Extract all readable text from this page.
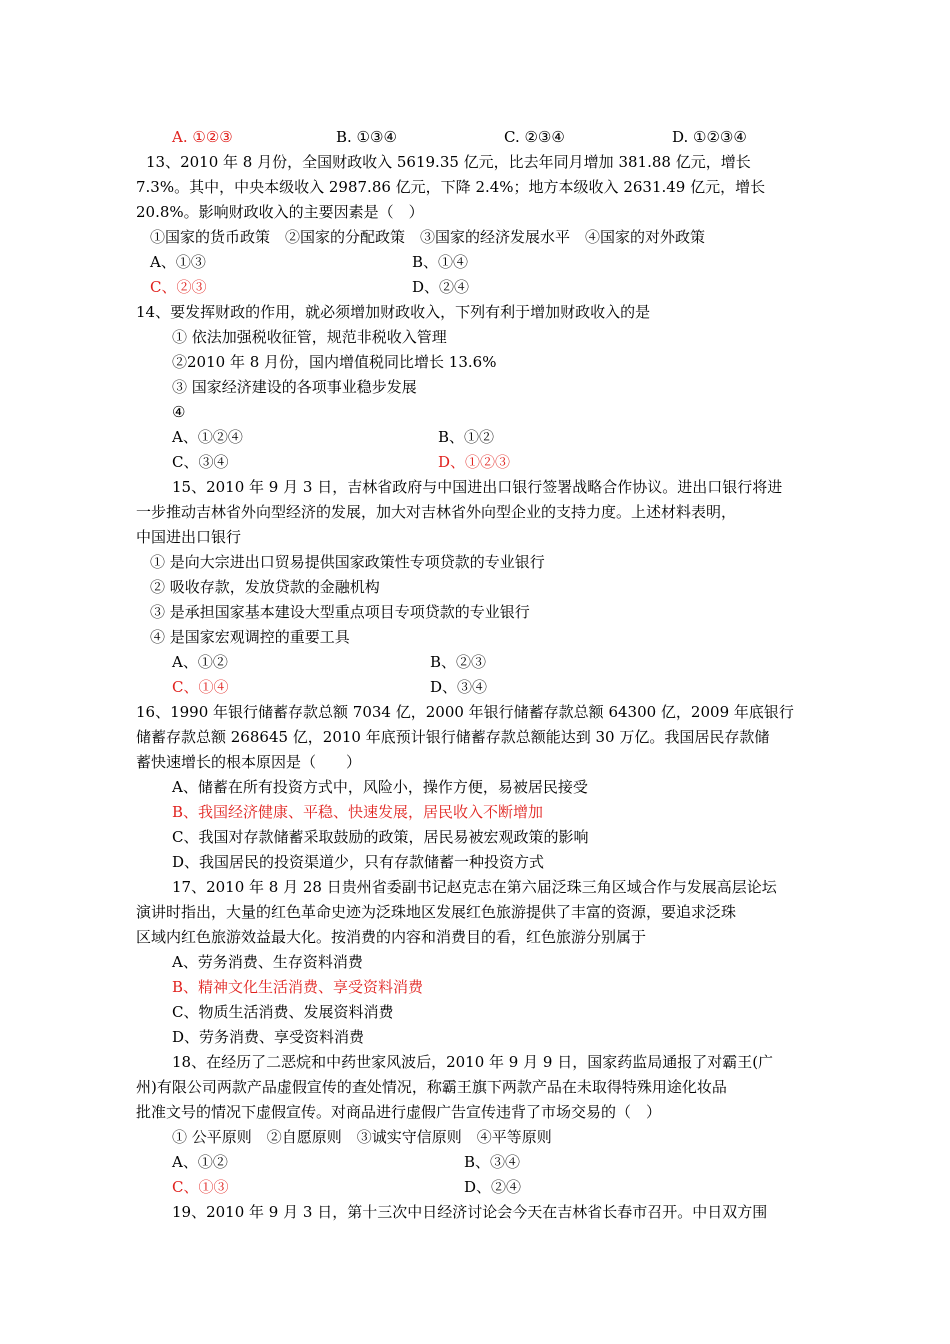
A. ①②③	B. ①③④	C. ②③④	D. ①②③④
13、2010 年 8 月份，全国财政收入 5619.35 亿元，比去年同月增加 381.88 亿元，增长
7.3%。其中，中央本级收入 2987.86 亿元，下降 2.4%；地方本级收入 2631.49 亿元，增长
20.8%。影响财政收入的主要因素是（　）
①国家的货币政策　②国家的分配政策　③国家的经济发展水平　④国家的对外政策
A、①③	B、①④
C、②③	D、②④
14、要发挥财政的作用，就必须增加财政收入，下列有利于增加财政收入的是
① 依法加强税收征管，规范非税收入管理
②2010 年 8 月份，国内增值税同比增长 13.6%
③ 国家经济建设的各项事业稳步发展
④
A、①②④	B、①②
C、③④	D、①②③
15、2010 年 9 月 3 日，吉林省政府与中国进出口银行签署战略合作协议。进出口银行将进
一步推动吉林省外向型经济的发展，加大对吉林省外向型企业的支持力度。上述材料表明，
中国进出口银行
① 是向大宗进出口贸易提供国家政策性专项贷款的专业银行
② 吸收存款，发放贷款的金融机构
③ 是承担国家基本建设大型重点项目专项贷款的专业银行
④ 是国家宏观调控的重要工具
A、①②	B、②③
C、①④	D、③④
16、1990 年银行储蓄存款总额 7034 亿，2000 年银行储蓄存款总额 64300 亿，2009 年底银行
储蓄存款总额 268645 亿，2010 年底预计银行储蓄存款总额能达到 30 万亿。我国居民存款储
蓄快速增长的根本原因是（　　）
A、储蓄在所有投资方式中，风险小，操作方便，易被居民接受
B、我国经济健康、平稳、快速发展，居民收入不断增加
C、我国对存款储蓄采取鼓励的政策，居民易被宏观政策的影响
D、我国居民的投资渠道少，只有存款储蓄一种投资方式
17、2010 年 8 月 28 日贵州省委副书记赵克志在第六届泛珠三角区域合作与发展高层论坛
演讲时指出，大量的红色革命史迹为泛珠地区发展红色旅游提供了丰富的资源，要追求泛珠
区域内红色旅游效益最大化。按消费的内容和消费目的看，红色旅游分别属于
A、劳务消费、生存资料消费
B、精神文化生活消费、享受资料消费
C、物质生活消费、发展资料消费
D、劳务消费、享受资料消费
18、在经历了二恶烷和中药世家风波后，2010 年 9 月 9 日，国家药监局通报了对霸王(广
州)有限公司两款产品虚假宣传的查处情况，称霸王旗下两款产品在未取得特殊用途化妆品
批准文号的情况下虚假宣传。对商品进行虚假广告宣传违背了市场交易的（　）
① 公平原则　②自愿原则　③诚实守信原则　④平等原则
A、①②	B、③④
C、①③	D、②④
19、2010 年 9 月 3 日，第十三次中日经济讨论会今天在吉林省长春市召开。中日双方围
